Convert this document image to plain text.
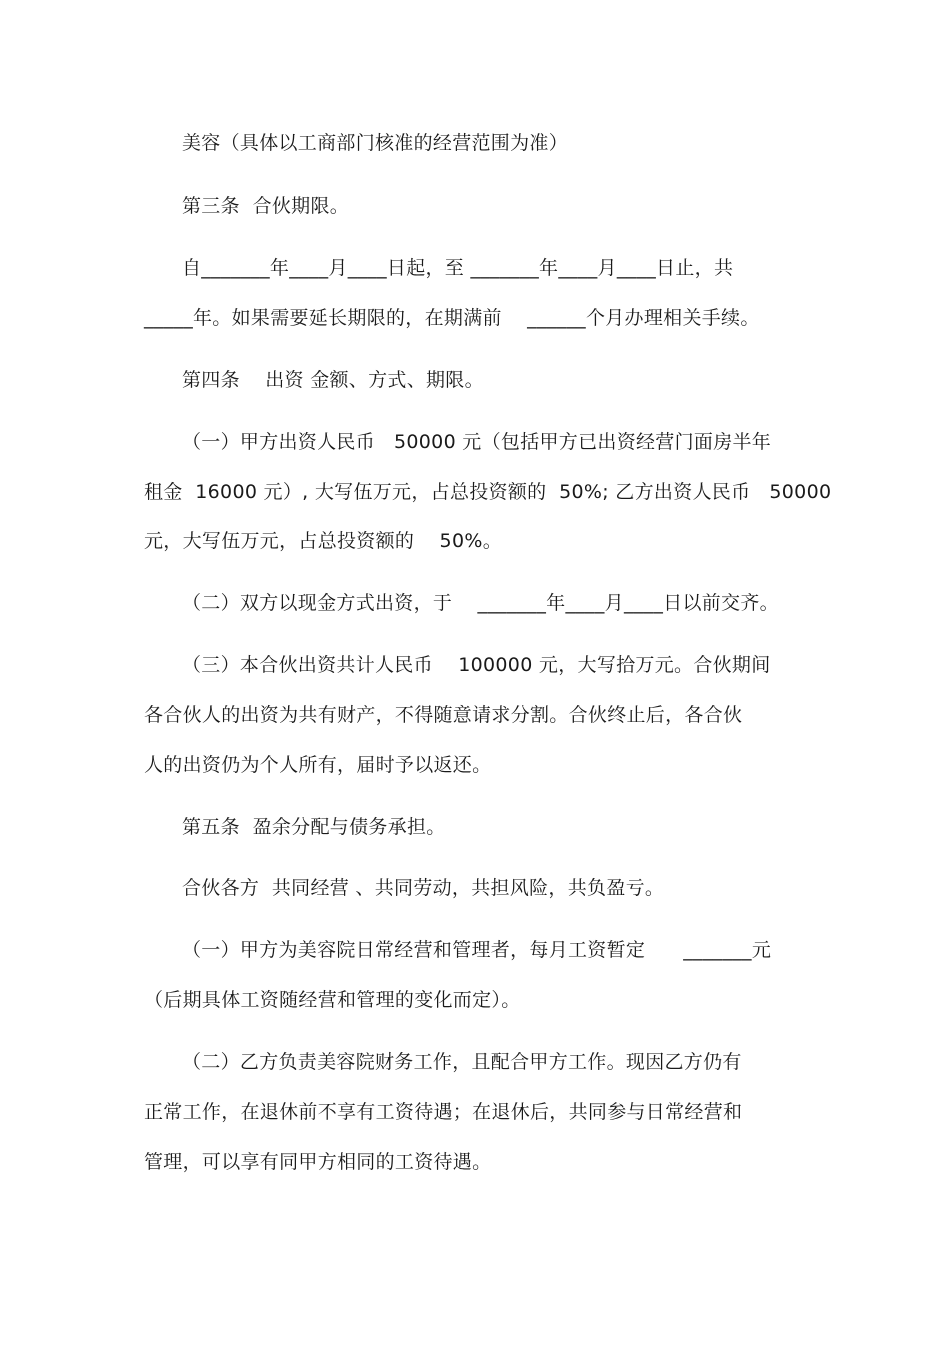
美容（具体以工商部门核准的经营范围为准）
第三条  合伙期限。
自_______年____月____日起，至 _______年____月____日止，共
_____年。如果需要延长期限的，在期满前    ______个月办理相关手续。
第四条    出资 金额、方式、期限。
（一）甲方出资人民币   50000 元（包括甲方已出资经营门面房半年
租金  16000 元）, 大写伍万元，占总投资额的  50%; 乙方出资人民币   50000
元，大写伍万元，占总投资额的    50%。
（二）双方以现金方式出资，于    _______年____月____日以前交齐。
（三）本合伙出资共计人民币    100000 元，大写拾万元。合伙期间
各合伙人的出资为共有财产，不得随意请求分割。合伙终止后，各合伙
人的出资仍为个人所有，届时予以返还。
第五条  盈余分配与债务承担。
合伙各方  共同经营 、共同劳动，共担风险，共负盈亏。
（一）甲方为美容院日常经营和管理者，每月工资暂定      _______元
（后期具体工资随经营和管理的变化而定）。
（二）乙方负责美容院财务工作，且配合甲方工作。现因乙方仍有
正常工作，在退休前不享有工资待遇；在退休后，共同参与日常经营和
管理，可以享有同甲方相同的工资待遇。
